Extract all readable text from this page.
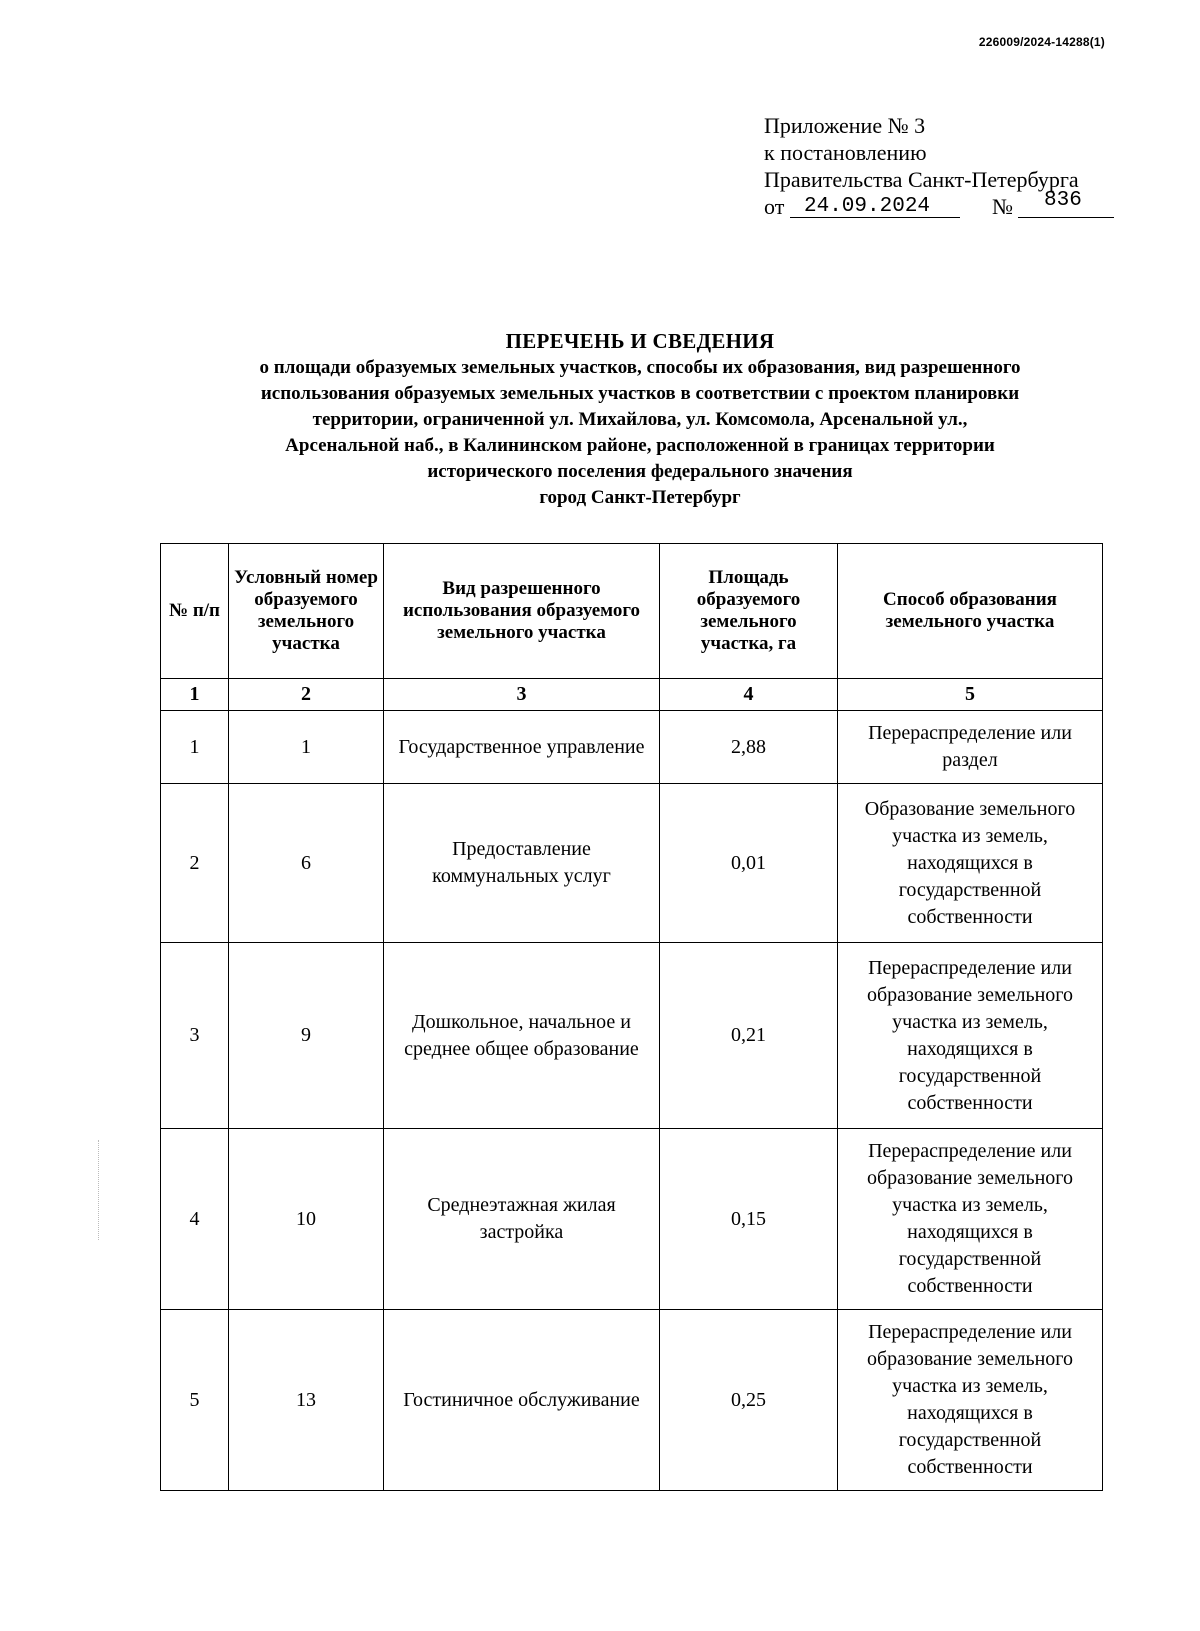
226009/2024-14288(1)
Приложение № 3
к постановлению
Правительства Санкт-Петербурга
от 24.09.2024	№ 836
ПЕРЕЧЕНЬ И СВЕДЕНИЯ
о площади образуемых земельных участков, способы их образования, вид разрешенного
использования образуемых земельных участков в соответствии с проектом планировки
территории, ограниченной ул. Михайлова, ул. Комсомола, Арсенальной ул.,
Арсенальной наб., в Калининском районе, расположенной в границах территории
исторического поселения федерального значения
город Санкт-Петербург
№ п/п	Условный номер образуемого земельного участка	Вид разрешенного использования образуемого земельного участка	Площадь образуемого земельного участка, га	Способ образования земельного участка
1	2	3	4	5
1	1	Государственное управление	2,88	Перераспределение или раздел
2	6	Предоставление коммунальных услуг	0,01	Образование земельного участка из земель, находящихся в государственной собственности
3	9	Дошкольное, начальное и среднее общее образование	0,21	Перераспределение или образование земельного участка из земель, находящихся в государственной собственности
4	10	Среднеэтажная жилая застройка	0,15	Перераспределение или образование земельного участка из земель, находящихся в государственной собственности
5	13	Гостиничное обслуживание	0,25	Перераспределение или образование земельного участка из земель, находящихся в государственной собственности
